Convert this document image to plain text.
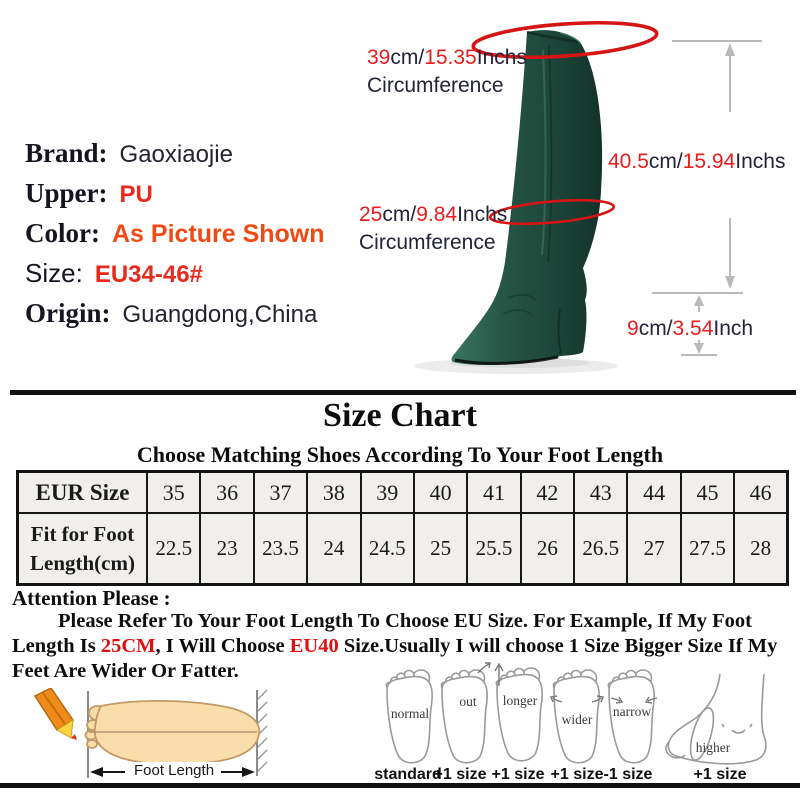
39cm/15.35Inchs
Circumference
40.5cm/15.94Inchs
25cm/9.84Inchs
Circumference
9cm/3.54Inch
Brand: Gaoxiaojie
Upper: PU
Color: As Picture Shown
Size: EU34-46#
Origin: Guangdong,China
Size Chart
Choose Matching Shoes According To Your Foot Length
EUR Size	35	36	37	38	39	40	41	42	43	44	45	46
Fit for Foot Length(cm)	22.5	23	23.5	24	24.5	25	25.5	26	26.5	27	27.5	28
Attention Please :
Please Refer To Your Foot Length To Choose EU Size. For Example, If My Foot Length Is 25CM, I Will Choose EU40 Size.Usually I will choose 1 Size Bigger Size If My Feet Are Wider Or Fatter.
Foot Length
normal
out longer
wider
narrow
higher
standard
+1 size +1 size +1 size -1 size	+1 size
